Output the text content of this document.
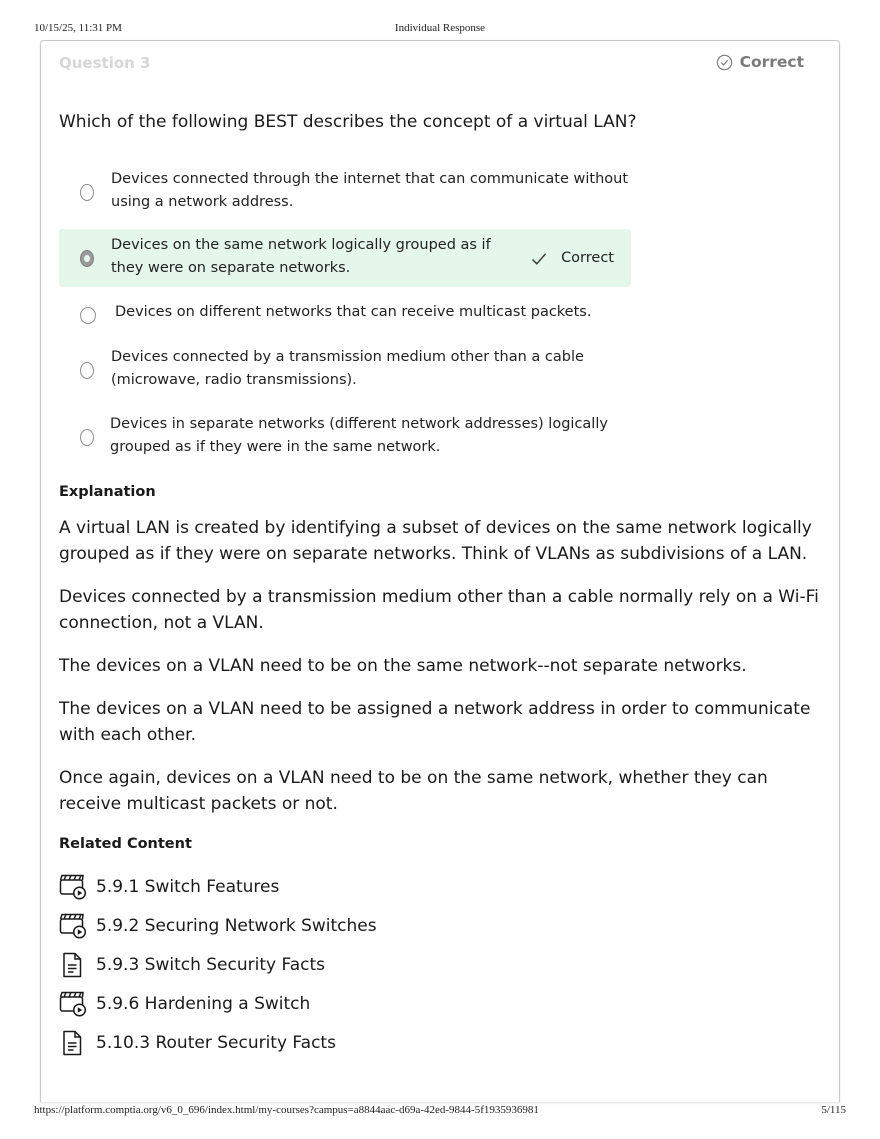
10/15/25, 11:31 PM	Individual Response
Question 3	Correct
Which of the following BEST describes the concept of a virtual LAN?
Devices connected through the internet that can communicate without using a network address.
Devices on the same network logically grouped as if they were on separate networks.
Correct
Devices on different networks that can receive multicast packets.
Devices connected by a transmission medium other than a cable (microwave, radio transmissions).
Devices in separate networks (different network addresses) logically grouped as if they were in the same network.
Explanation

A virtual LAN is created by identifying a subset of devices on the same network logically grouped as if they were on separate networks. Think of VLANs as subdivisions of a LAN.

Devices connected by a transmission medium other than a cable normally rely on a Wi-Fi connection, not a VLAN.

The devices on a VLAN need to be on the same network--not separate networks.

The devices on a VLAN need to be assigned a network address in order to communicate with each other.

Once again, devices on a VLAN need to be on the same network, whether they can receive multicast packets or not.

Related Content
5.9.1 Switch Features
5.9.2 Securing Network Switches
5.9.3 Switch Security Facts
5.9.6 Hardening a Switch
5.10.3 Router Security Facts
https://platform.comptia.org/v6_0_696/index.html/my-courses?campus=a8844aac-d69a-42ed-9844-5f1935936981	5/115
